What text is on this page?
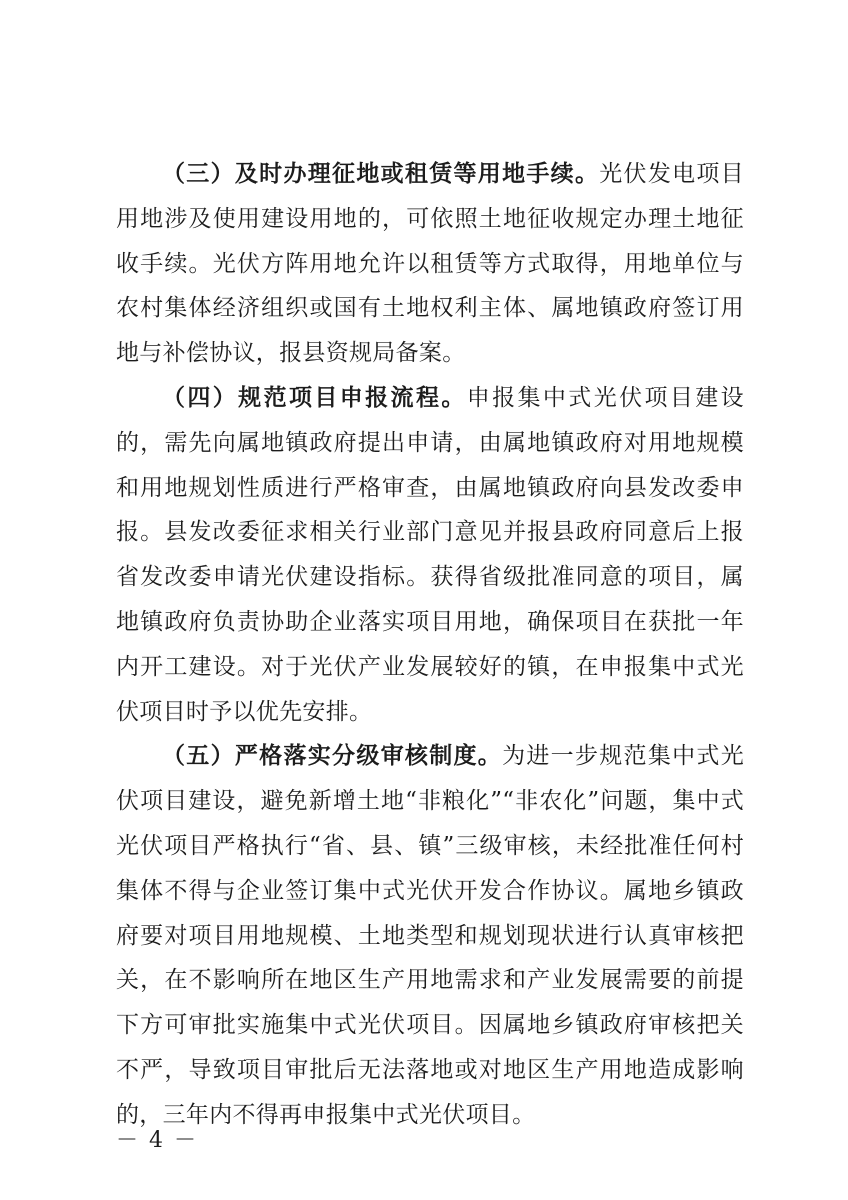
（三）及时办理征地或租赁等用地手续。光伏发电项目用地涉及使用建设用地的，可依照土地征收规定办理土地征收手续。光伏方阵用地允许以租赁等方式取得，用地单位与农村集体经济组织或国有土地权利主体、属地镇政府签订用地与补偿协议，报县资规局备案。

（四）规范项目申报流程。申报集中式光伏项目建设的，需先向属地镇政府提出申请，由属地镇政府对用地规模和用地规划性质进行严格审查，由属地镇政府向县发改委申报。县发改委征求相关行业部门意见并报县政府同意后上报省发改委申请光伏建设指标。获得省级批准同意的项目，属地镇政府负责协助企业落实项目用地，确保项目在获批一年内开工建设。对于光伏产业发展较好的镇，在申报集中式光伏项目时予以优先安排。

（五）严格落实分级审核制度。为进一步规范集中式光伏项目建设，避免新增土地“非粮化”“非农化”问题，集中式光伏项目严格执行“省、县、镇”三级审核，未经批准任何村集体不得与企业签订集中式光伏开发合作协议。属地乡镇政府要对项目用地规模、土地类型和规划现状进行认真审核把关，在不影响所在地区生产用地需求和产业发展需要的前提下方可审批实施集中式光伏项目。因属地乡镇政府审核把关不严，导致项目审批后无法落地或对地区生产用地造成影响的，三年内不得再申报集中式光伏项目。

－ 4 －
